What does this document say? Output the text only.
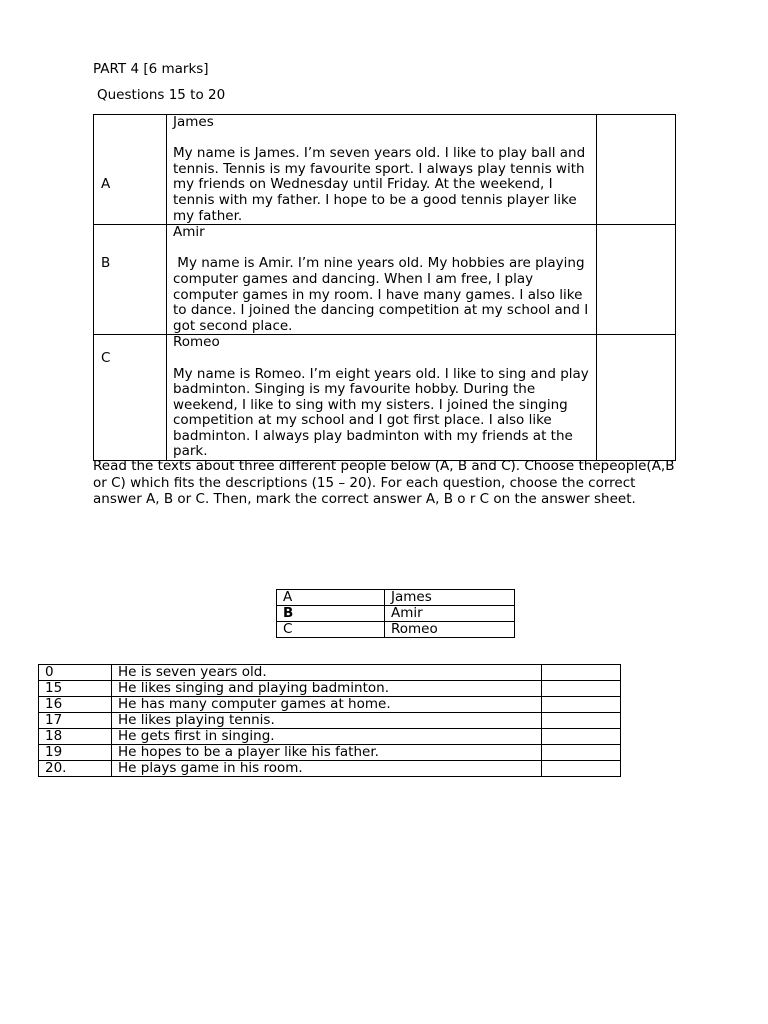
PART 4 [6 marks]

Questions 15 to 20

A	James
My name is James. I’m seven years old. I like to play ball and tennis. Tennis is my favourite sport. I always play tennis with my friends on Wednesday until Friday. At the weekend, I tennis with my father. I hope to be a good tennis player like my father.	

B	Amir
My name is Amir. I’m nine years old. My hobbies are playing computer games and dancing. When I am free, I play computer games in my room. I have many games. I also like to dance. I joined the dancing competition at my school and I got second place.	

C	Romeo
My name is Romeo. I’m eight years old. I like to sing and play badminton. Singing is my favourite hobby. During the weekend, I like to sing with my sisters. I joined the singing competition at my school and I got first place. I also like badminton. I always play badminton with my friends at the park.	

Read the texts about three different people below (A, B and C). Choose thepeople(A,B or C) which fits the descriptions (15 – 20). For each question, choose the correct answer A, B or C. Then, mark the correct answer A, B o r C on the answer sheet.

A	James
B	Amir
C	Romeo
0	He is seven years old.	
15	He likes singing and playing badminton.	
16	He has many computer games at home.	
17	He likes playing tennis.	
18	He gets first in singing.	
19	He hopes to be a player like his father.	
20.	He plays game in his room.	
